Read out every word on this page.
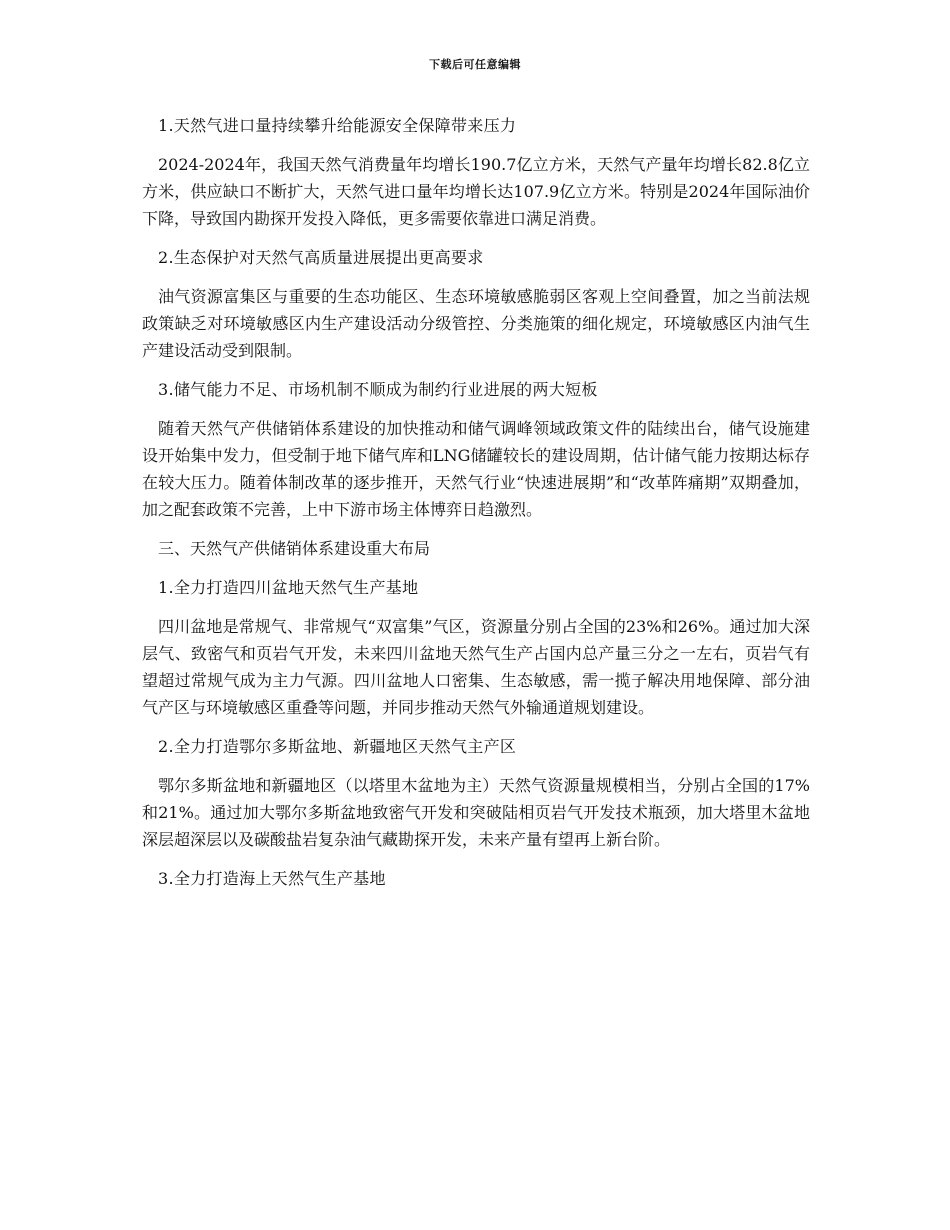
下载后可任意编辑

1.天然气进口量持续攀升给能源安全保障带来压力

2024-2024年，我国天然气消费量年均增长190.7亿立方米，天然气产量年均增长82.8亿立方米，供应缺口不断扩大，天然气进口量年均增长达107.9亿立方米。特别是2024年国际油价下降，导致国内勘探开发投入降低，更多需要依靠进口满足消费。

2.生态保护对天然气高质量进展提出更高要求

油气资源富集区与重要的生态功能区、生态环境敏感脆弱区客观上空间叠置，加之当前法规政策缺乏对环境敏感区内生产建设活动分级管控、分类施策的细化规定，环境敏感区内油气生产建设活动受到限制。

3.储气能力不足、市场机制不顺成为制约行业进展的两大短板

随着天然气产供储销体系建设的加快推动和储气调峰领域政策文件的陆续出台，储气设施建设开始集中发力，但受制于地下储气库和LNG储罐较长的建设周期，估计储气能力按期达标存在较大压力。随着体制改革的逐步推开，天然气行业“快速进展期”和“改革阵痛期”双期叠加，加之配套政策不完善，上中下游市场主体博弈日趋激烈。

三、天然气产供储销体系建设重大布局

1.全力打造四川盆地天然气生产基地

四川盆地是常规气、非常规气“双富集”气区，资源量分别占全国的23%和26%。通过加大深层气、致密气和页岩气开发，未来四川盆地天然气生产占国内总产量三分之一左右，页岩气有望超过常规气成为主力气源。四川盆地人口密集、生态敏感，需一揽子解决用地保障、部分油气产区与环境敏感区重叠等问题，并同步推动天然气外输通道规划建设。

2.全力打造鄂尔多斯盆地、新疆地区天然气主产区

鄂尔多斯盆地和新疆地区（以塔里木盆地为主）天然气资源量规模相当，分别占全国的17%和21%。通过加大鄂尔多斯盆地致密气开发和突破陆相页岩气开发技术瓶颈，加大塔里木盆地深层超深层以及碳酸盐岩复杂油气藏勘探开发，未来产量有望再上新台阶。

3.全力打造海上天然气生产基地
